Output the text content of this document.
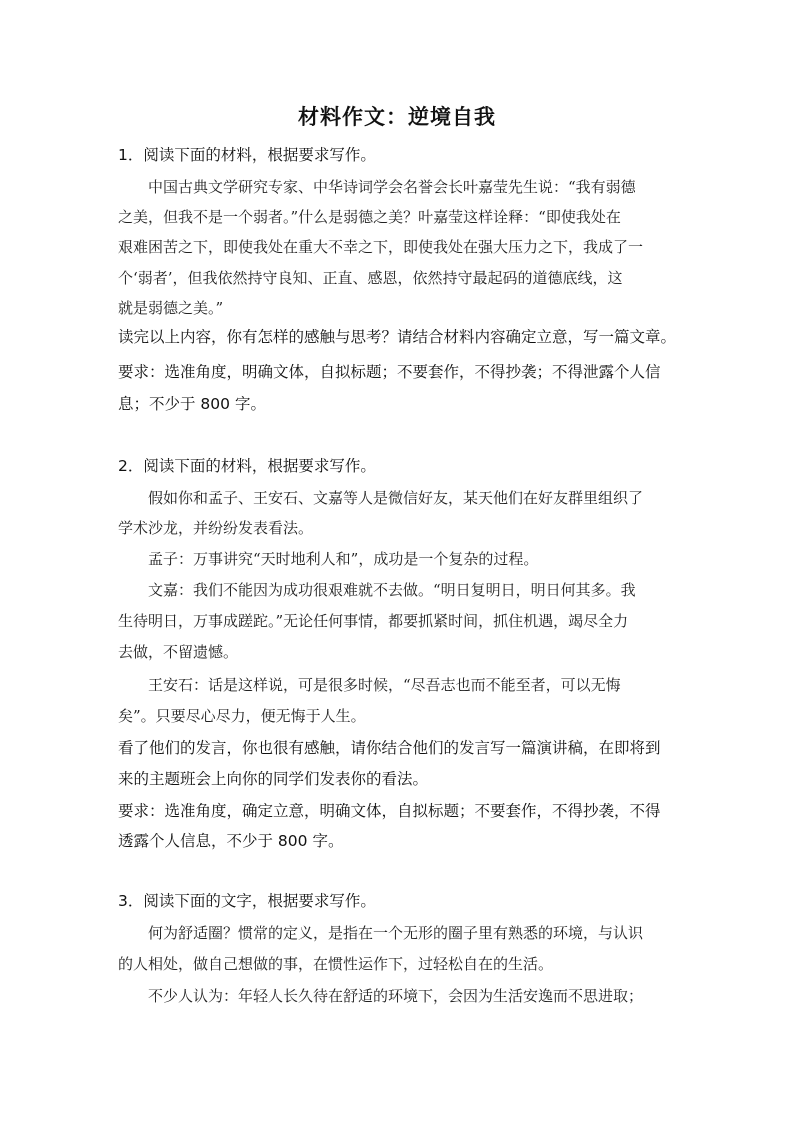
材料作文：逆境自我
1．阅读下面的材料，根据要求写作。
中国古典文学研究专家、中华诗词学会名誉会长叶嘉莹先生说：“我有弱德
之美，但我不是一个弱者。”什么是弱德之美？叶嘉莹这样诠释：“即使我处在
艰难困苦之下，即使我处在重大不幸之下，即使我处在强大压力之下，我成了一
个‘弱者’，但我依然持守良知、正直、感恩，依然持守最起码的道德底线，这
就是弱德之美。”
读完以上内容，你有怎样的感触与思考？请结合材料内容确定立意，写一篇文章。
要求：选准角度，明确文体，自拟标题；不要套作，不得抄袭；不得泄露个人信
息；不少于 800 字。
2．阅读下面的材料，根据要求写作。
假如你和孟子、王安石、文嘉等人是微信好友，某天他们在好友群里组织了
学术沙龙，并纷纷发表看法。
孟子：万事讲究“天时地利人和”，成功是一个复杂的过程。
文嘉：我们不能因为成功很艰难就不去做。“明日复明日，明日何其多。我
生待明日，万事成蹉跎。”无论任何事情，都要抓紧时间，抓住机遇，竭尽全力
去做，不留遗憾。
王安石：话是这样说，可是很多时候，“尽吾志也而不能至者，可以无悔
矣”。只要尽心尽力，便无悔于人生。
看了他们的发言，你也很有感触，请你结合他们的发言写一篇演讲稿，在即将到
来的主题班会上向你的同学们发表你的看法。
要求：选准角度，确定立意，明确文体，自拟标题；不要套作，不得抄袭，不得
透露个人信息，不少于 800 字。
3．阅读下面的文字，根据要求写作。
何为舒适圈？惯常的定义，是指在一个无形的圈子里有熟悉的环境，与认识
的人相处，做自己想做的事，在惯性运作下，过轻松自在的生活。
不少人认为：年轻人长久待在舒适的环境下，会因为生活安逸而不思进取；
